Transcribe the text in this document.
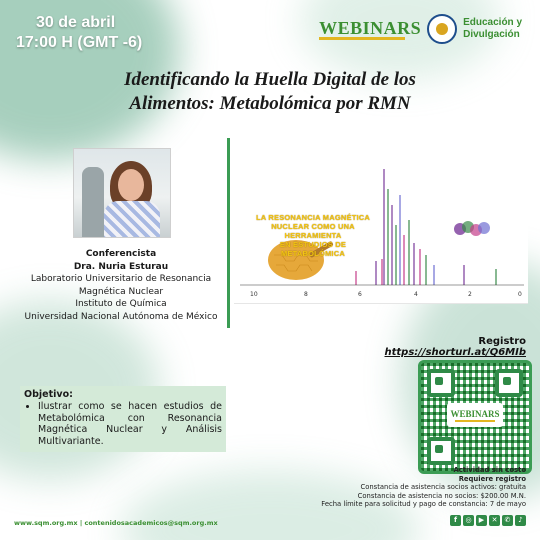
30 de abril
17:00 H (GMT -6)
WEBINARS	Educación y
Divulgación
Identificando la Huella Digital de los
Alimentos: Metabolómica por RMN
Conferencista
Dra. Nuria Esturau
Laboratorio Universitario de Resonancia
Magnética Nuclear
Instituto de Química
Universidad Nacional Autónoma de México
LA RESONANCIA MAGNÉTICA
NUCLEAR COMO UNA HERRAMIENTA
EN ESTUDIOS DE METABOLÓMICA
10	8	6	4	2	0
Registro
https://shorturl.at/Q6MIb
WEBINARS
Objetivo:
• Ilustrar como se hacen estudios de Metabolómica con Resonancia Magnética Nuclear y Análisis Multivariante.
Actividad sin costo
Requiere registro
Constancia de asistencia socios activos: gratuita
Constancia de asistencia no socios: $200.00 M.N.
Fecha límite para solicitud y pago de constancia: 7 de mayo
www.sqm.org.mx | contenidosacademicos@sqm.org.mx	f	◎	▶	✕	✆	♪
